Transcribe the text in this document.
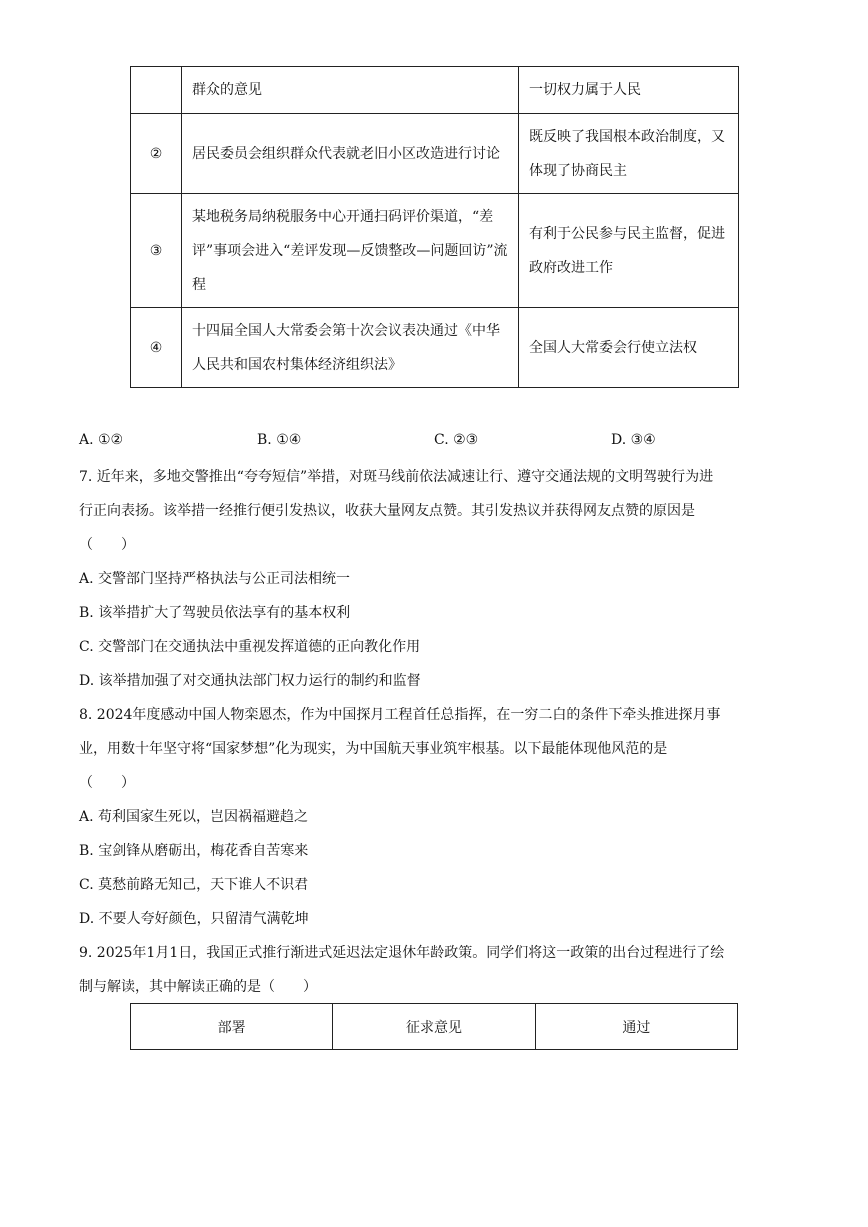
	群众的意见	一切权力属于人民
②	居民委员会组织群众代表就老旧小区改造进行讨论	既反映了我国根本政治制度，又体现了协商民主
③	某地税务局纳税服务中心开通扫码评价渠道，“差评”事项会进入“差评发现—反馈整改—问题回访”流程	有利于公民参与民主监督，促进政府改进工作
④	十四届全国人大常委会第十次会议表决通过《中华人民共和国农村集体经济组织法》	全国人大常委会行使立法权
A. ①②	B. ①④	C. ②③	D. ③④
7. 近年来，多地交警推出“夸夸短信”举措，对斑马线前依法减速让行、遵守交通法规的文明驾驶行为进
行正向表扬。该举措一经推行便引发热议，收获大量网友点赞。其引发热议并获得网友点赞的原因是
（　　）
A. 交警部门坚持严格执法与公正司法相统一
B. 该举措扩大了驾驶员依法享有的基本权利
C. 交警部门在交通执法中重视发挥道德的正向教化作用
D. 该举措加强了对交通执法部门权力运行的制约和监督
8. 2024年度感动中国人物栾恩杰，作为中国探月工程首任总指挥，在一穷二白的条件下牵头推进探月事
业，用数十年坚守将“国家梦想”化为现实，为中国航天事业筑牢根基。以下最能体现他风范的是
（　　）
A. 苟利国家生死以，岂因祸福避趋之
B. 宝剑锋从磨砺出，梅花香自苦寒来
C. 莫愁前路无知己，天下谁人不识君
D. 不要人夸好颜色，只留清气满乾坤
9. 2025年1月1日，我国正式推行渐进式延迟法定退休年龄政策。同学们将这一政策的出台过程进行了绘
制与解读，其中解读正确的是（　　）
部署	征求意见	通过
